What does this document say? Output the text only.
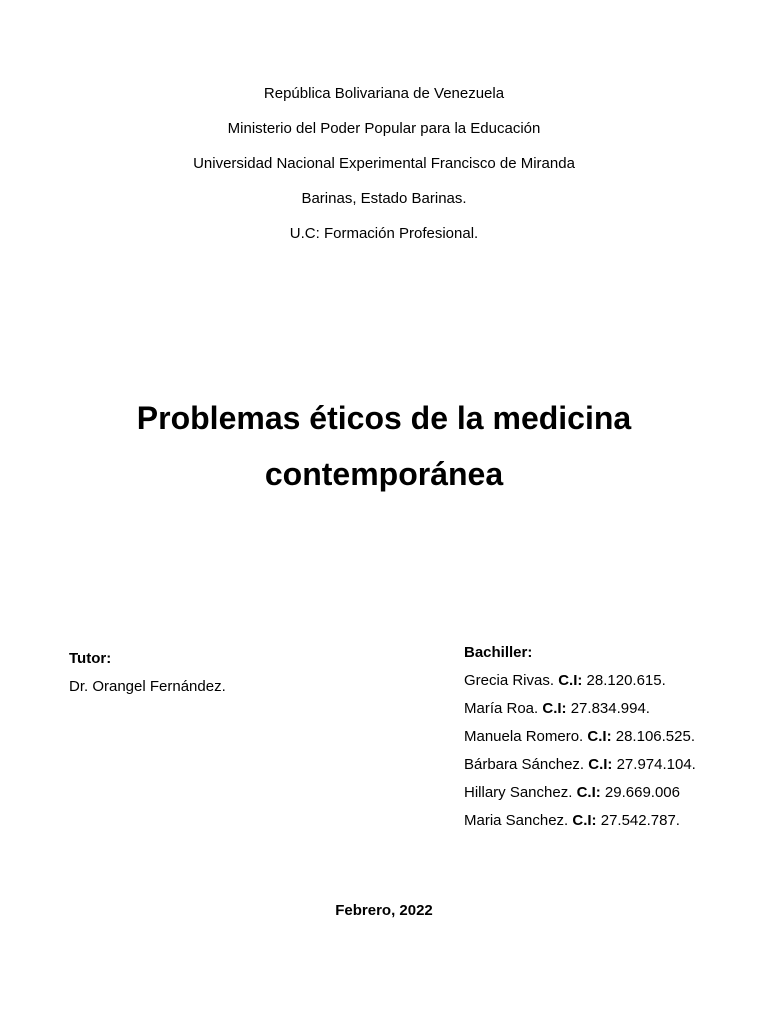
República Bolivariana de Venezuela
Ministerio del Poder Popular para la Educación
Universidad Nacional Experimental Francisco de Miranda
Barinas, Estado Barinas.
U.C: Formación Profesional.
Problemas éticos de la medicina
contemporánea
Tutor:
Dr. Orangel Fernández.
Bachiller:
Grecia Rivas. C.I: 28.120.615.
María Roa. C.I: 27.834.994.
Manuela Romero. C.I: 28.106.525.
Bárbara Sánchez. C.I: 27.974.104.
Hillary Sanchez. C.I: 29.669.006
Maria Sanchez. C.I: 27.542.787.
Febrero, 2022
